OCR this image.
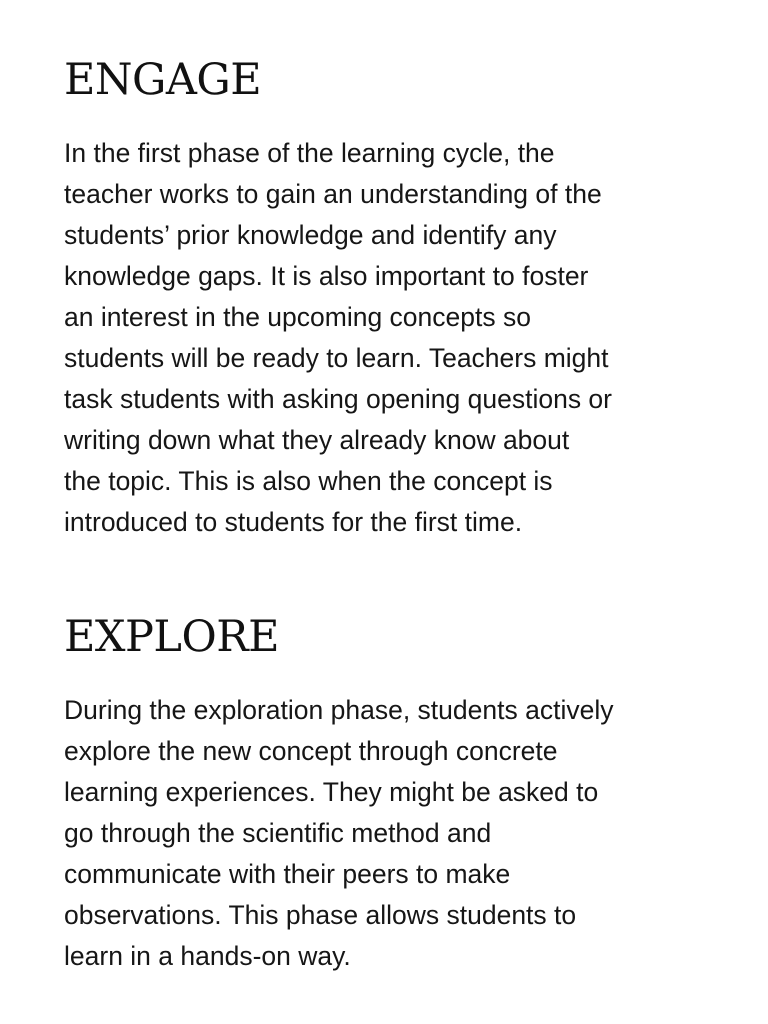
ENGAGE

In the first phase of the learning cycle, the
teacher works to gain an understanding of the
students’ prior knowledge and identify any
knowledge gaps. It is also important to foster
an interest in the upcoming concepts so
students will be ready to learn. Teachers might
task students with asking opening questions or
writing down what they already know about
the topic. This is also when the concept is
introduced to students for the first time.

EXPLORE

During the exploration phase, students actively
explore the new concept through concrete
learning experiences. They might be asked to
go through the scientific method and
communicate with their peers to make
observations. This phase allows students to
learn in a hands-on way.
